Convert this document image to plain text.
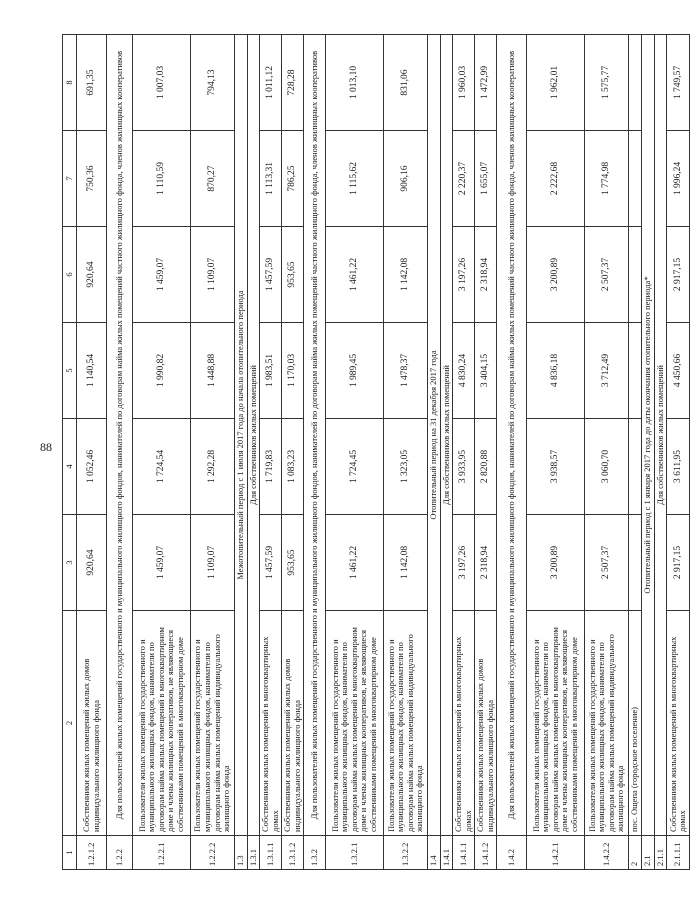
88
1	2	3	4	5	6	7	8
1.2.1.2	Собственники жилых помещений жилых домов индивидуального жилищного фонда	920,64	1 052,46	1 140,54	920,64	750,36	691,35
1.2.2	Для пользователей жилых помещений государственного и муниципального жилищного фондов, нанимателей по договорам найма жилых помещений частного жилищного фонда, членов жилищных кооперативов						
1.2.2.1	Пользователи жилых помещений государственного и муниципального жилищных фондов, наниматели по договорам найма жилых помещений в многоквартирном доме и члены жилищных кооперативов, не являющиеся собственниками помещений в многоквартирном доме	1 459,07	1 724,54	1 990,82	1 459,07	1 110,59	1 007,03
1.2.2.2	Пользователи жилых помещений государственного и муниципального жилищных фондов, наниматели по договорам найма жилых помещений индивидуального жилищного фонда	1 109,07	1 292,28	1 448,88	1 109,07	870,27	794,13
1.3	Межотопительный период с 1 июля 2017 года до начала отопительного периода						
1.3.1	Для собственников жилых помещений						
1.3.1.1	Собственники жилых помещений в многоквартирных домах	1 457,59	1 719,83	1 983,51	1 457,59	1 113,31	1 011,12
1.3.1.2	Собственники жилых помещений жилых домов индивидуального жилищного фонда	953,65	1 083,23	1 170,03	953,65	786,25	728,28
1.3.2	Для пользователей жилых помещений государственного и муниципального жилищного фондов, нанимателей по договорам найма жилых помещений частного жилищного фонда, членов жилищных кооперативов						
1.3.2.1	Пользователи жилых помещений государственного и муниципального жилищных фондов, наниматели по договорам найма жилых помещений в многоквартирном доме и члены жилищных кооперативов, не являющиеся собственниками помещений в многоквартирном доме	1 461,22	1 724,45	1 989,45	1 461,22	1 115,62	1 013,10
1.3.2.2	Пользователи жилых помещений государственного и муниципального жилищных фондов, наниматели по договорам найма жилых помещений индивидуального жилищного фонда	1 142,08	1 323,05	1 478,37	1 142,08	906,16	831,06
1.4	Отопительный период на 31 декабря 2017 года						
1.4.1	Для собственников жилых помещений						
1.4.1.1	Собственники жилых помещений в многоквартирных домах	3 197,26	3 933,95	4 830,24	3 197,26	2 220,37	1 960,03
1.4.1.2	Собственники жилых помещений жилых домов индивидуального жилищного фонда	2 318,94	2 820,88	3 404,15	2 318,94	1 655,07	1 472,99
1.4.2	Для пользователей жилых помещений государственного и муниципального жилищного фондов, нанимателей по договорам найма жилых помещений частного жилищного фонда, членов жилищных кооперативов						
1.4.2.1	Пользователи жилых помещений государственного и муниципального жилищных фондов, наниматели по договорам найма жилых помещений в многоквартирном доме и члены жилищных кооперативов, не являющиеся собственниками помещений в многоквартирном доме	3 200,89	3 938,57	4 836,18	3 200,89	2 222,68	1 962,01
1.4.2.2	Пользователи жилых помещений государственного и муниципального жилищных фондов, наниматели по договорам найма жилых помещений индивидуального жилищного фонда	2 507,37	3 060,70	3 712,49	2 507,37	1 774,98	1 575,77
2	пос. Ощепа (городское поселение)						
2.1	Отопительный период с 1 января 2017 года до даты окончания отопительного периода*						
2.1.1	Для собственников жилых помещений						
2.1.1.1	Собственники жилых помещений в многоквартирных домах	2 917,15	3 611,95	4 450,66	2 917,15	1 996,24	1 749,57
